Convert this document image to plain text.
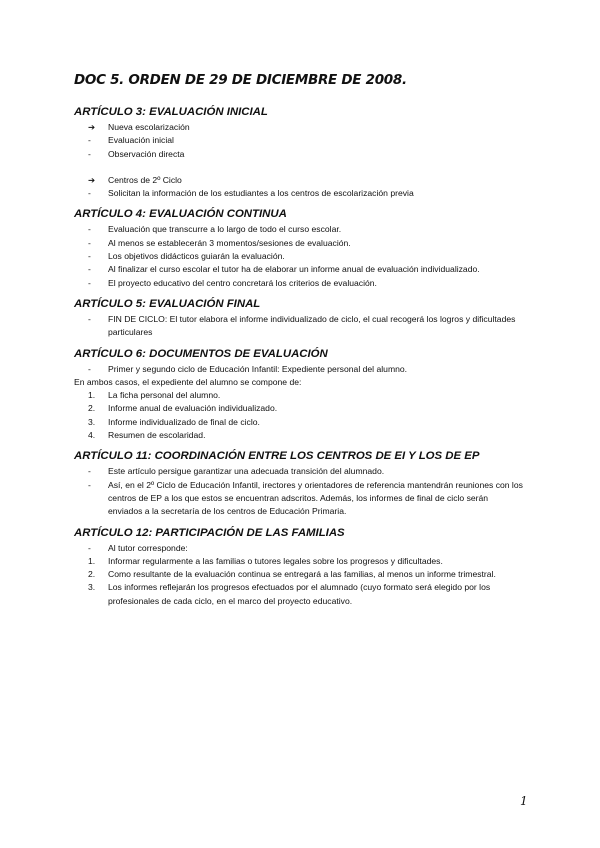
DOC 5. ORDEN DE 29 DE DICIEMBRE DE 2008.
ARTÍCULO 3: EVALUACIÓN INICIAL
➔ Nueva escolarización
- Evaluación inicial
- Observación directa
➔ Centros de 2º Ciclo
- Solicitan la información de los estudiantes a los centros de escolarización previa
ARTÍCULO 4: EVALUACIÓN CONTINUA
- Evaluación que transcurre a lo largo de todo el curso escolar.
- Al menos se establecerán 3 momentos/sesiones de evaluación.
- Los objetivos didácticos guiarán la evaluación.
- Al finalizar el curso escolar el tutor ha de elaborar un informe anual de evaluación individualizado.
- El proyecto educativo del centro concretará los criterios de evaluación.
ARTÍCULO 5: EVALUACIÓN FINAL
- FIN DE CICLO: El tutor elabora el informe individualizado de ciclo, el cual recogerá los logros y dificultades particulares
ARTÍCULO 6: DOCUMENTOS DE EVALUACIÓN
- Primer y segundo ciclo de Educación Infantil: Expediente personal del alumno.

En ambos casos, el expediente del alumno se compone de:

1. La ficha personal del alumno.
2. Informe anual de evaluación individualizado.
3. Informe individualizado de final de ciclo.
4. Resumen de escolaridad.
ARTÍCULO 11: COORDINACIÓN ENTRE LOS CENTROS DE EI Y LOS DE EP
- Este artículo persigue garantizar una adecuada transición del alumnado.
- Así, en el 2º Ciclo de Educación Infantil, irectores y orientadores de referencia mantendrán reuniones con los centros de EP a los que estos se encuentran adscritos. Además, los informes de final de ciclo serán enviados a la secretaría de los centros de Educación Primaria.
ARTÍCULO 12: PARTICIPACIÓN DE LAS FAMILIAS
- Al tutor corresponde:
1. Informar regularmente a las familias o tutores legales sobre los progresos y dificultades.
2. Como resultante de la evaluación continua se entregará a las familias, al menos un informe trimestral.
3. Los informes reflejarán los progresos efectuados por el alumnado (cuyo formato será elegido por los profesionales de cada ciclo, en el marco del proyecto educativo.
1
